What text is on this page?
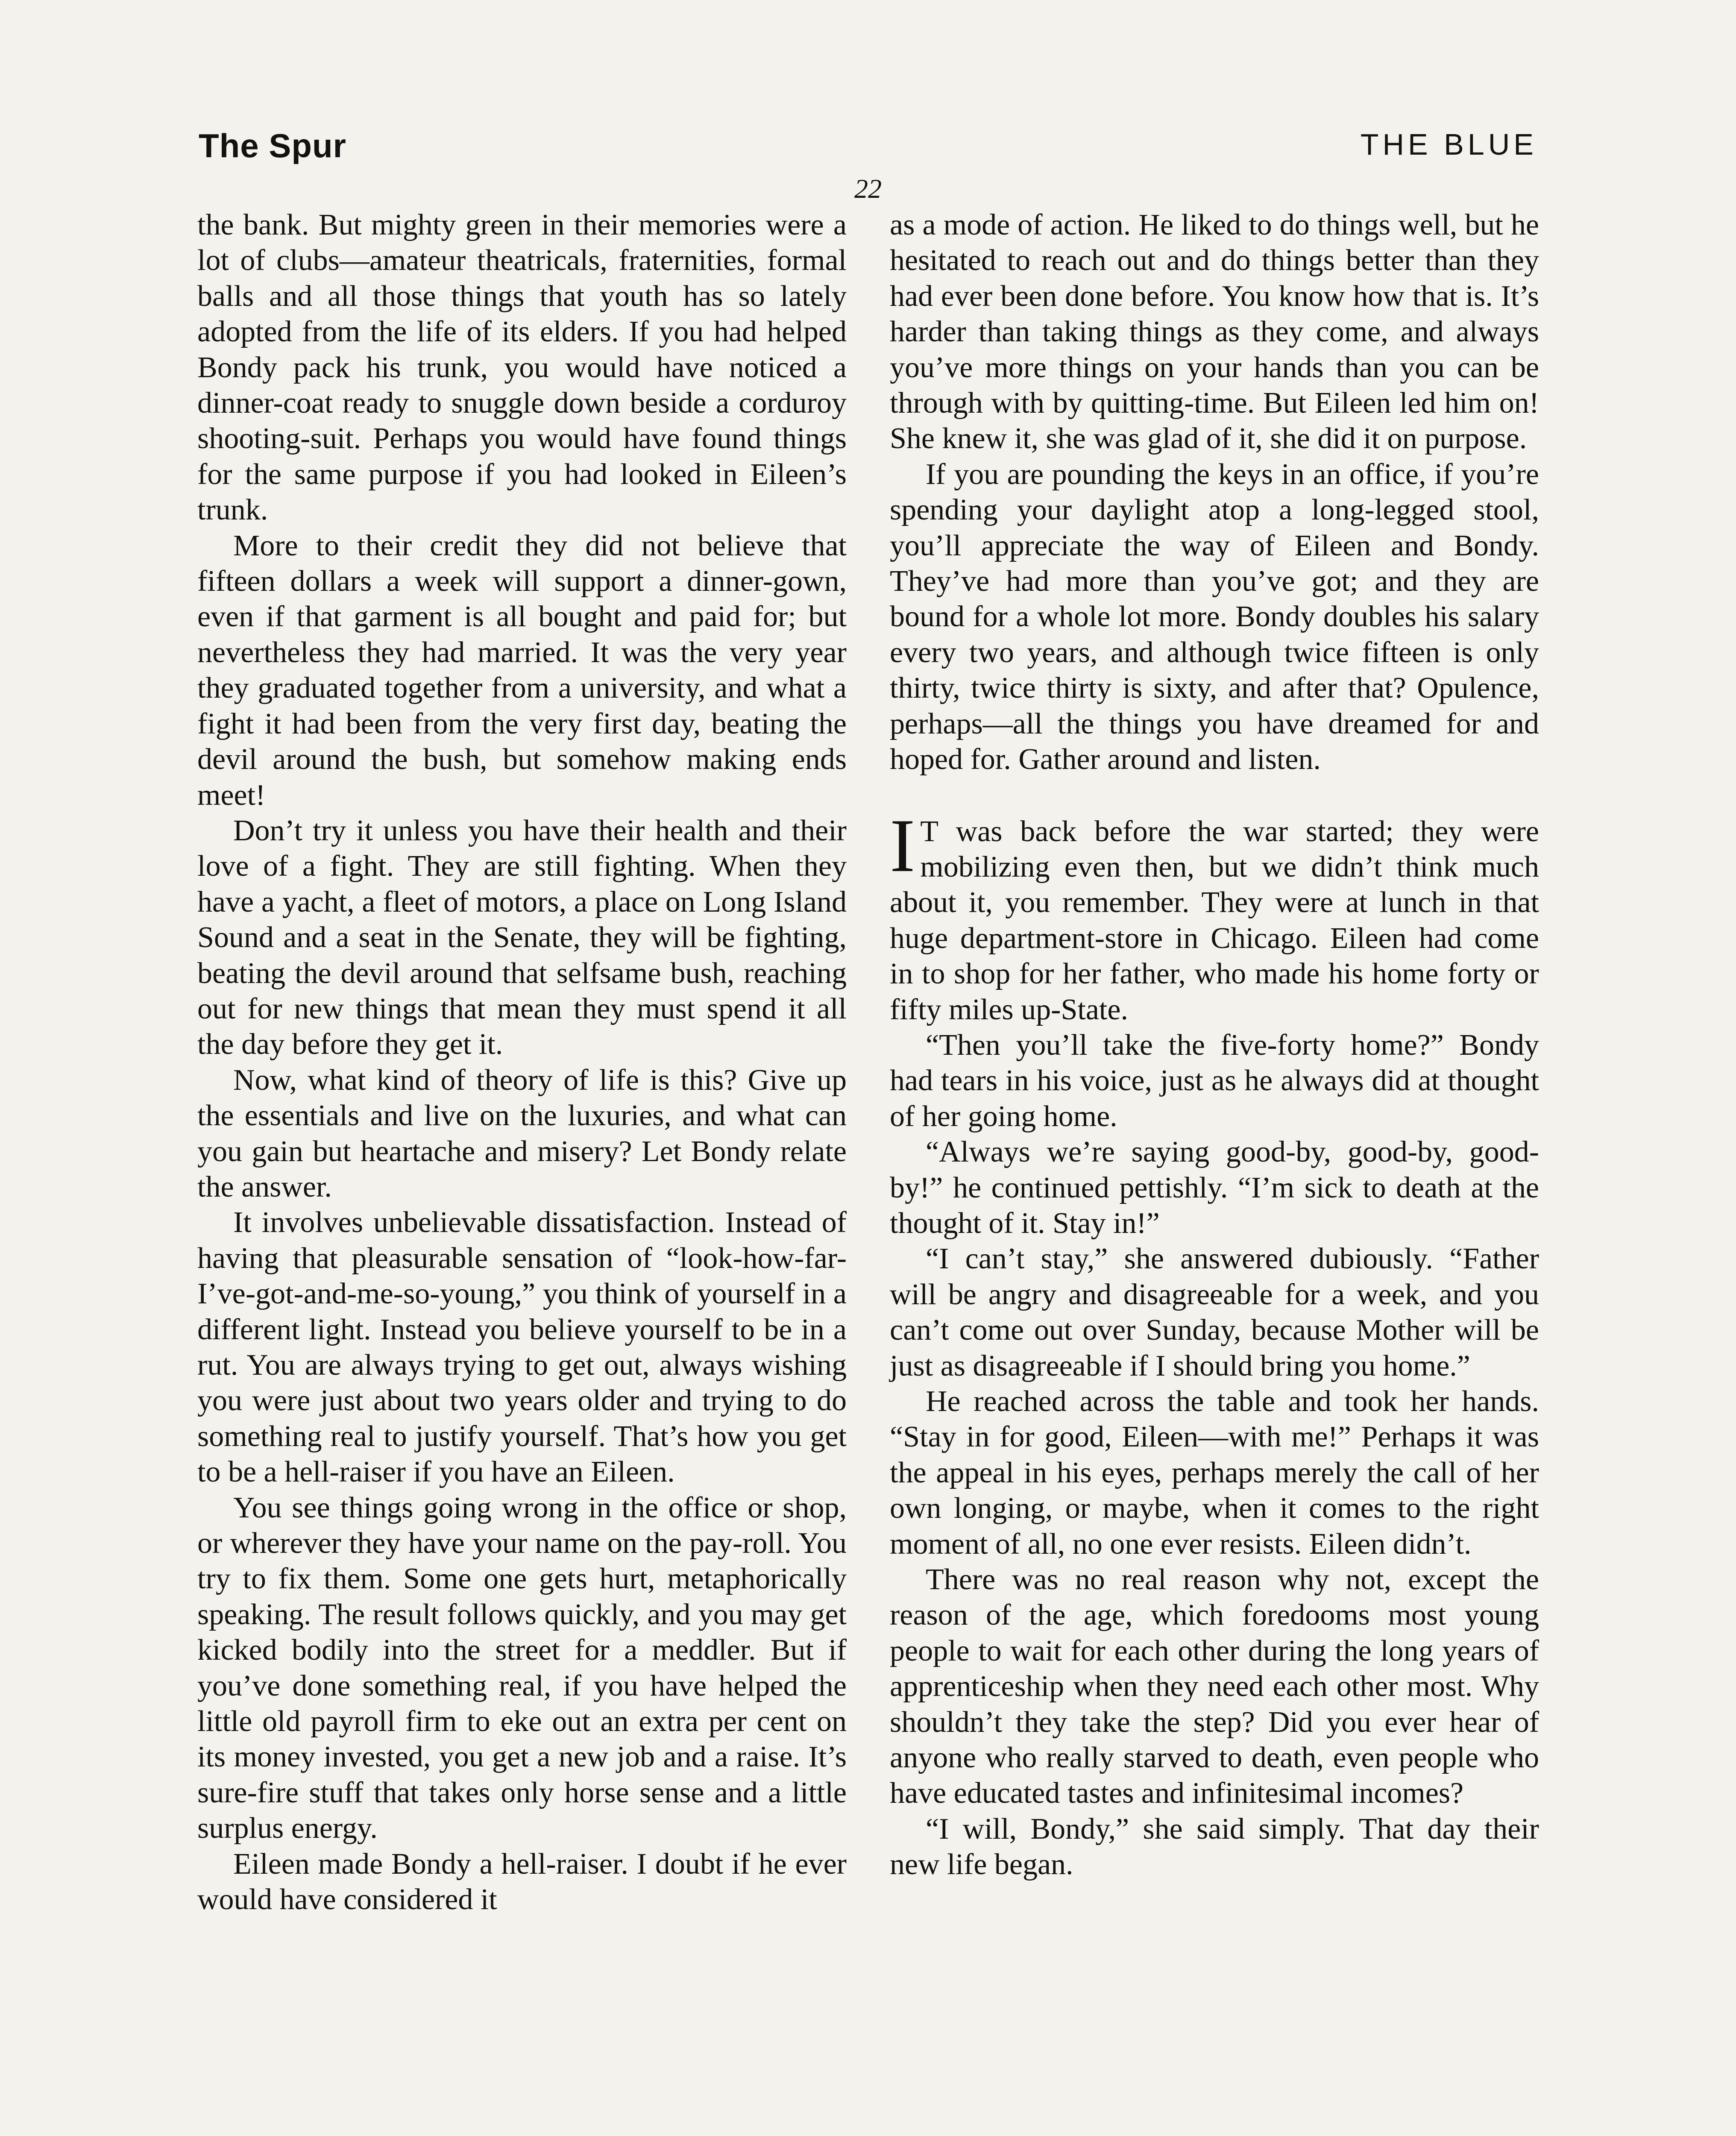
The Spur	THE BLUE
22

the bank. But mighty green in their memories were a lot of clubs—amateur theatricals, fraternities, formal balls and all those things that youth has so lately adopted from the life of its elders. If you had helped Bondy pack his trunk, you would have noticed a dinner-coat ready to snuggle down beside a corduroy shooting-suit. Perhaps you would have found things for the same purpose if you had looked in Eileen’s trunk.

More to their credit they did not believe that fifteen dollars a week will support a dinner-gown, even if that garment is all bought and paid for; but nevertheless they had married. It was the very year they graduated together from a university, and what a fight it had been from the very first day, beating the devil around the bush, but somehow making ends meet!

Don’t try it unless you have their health and their love of a fight. They are still fighting. When they have a yacht, a fleet of motors, a place on Long Island Sound and a seat in the Senate, they will be fighting, beating the devil around that selfsame bush, reaching out for new things that mean they must spend it all the day before they get it.

Now, what kind of theory of life is this? Give up the essentials and live on the luxuries, and what can you gain but heartache and misery? Let Bondy relate the answer.

It involves unbelievable dissatisfaction. Instead of having that pleasurable sensation of “look-how-far-I’ve-got-and-me-so-young,” you think of yourself in a different light. Instead you believe yourself to be in a rut. You are always trying to get out, always wishing you were just about two years older and trying to do something real to justify yourself. That’s how you get to be a hell-raiser if you have an Eileen.

You see things going wrong in the office or shop, or wherever they have your name on the pay-roll. You try to fix them. Some one gets hurt, metaphorically speaking. The result follows quickly, and you may get kicked bodily into the street for a meddler. But if you’ve done something real, if you have helped the little old payroll firm to eke out an extra per cent on its money invested, you get a new job and a raise. It’s sure-fire stuff that takes only horse sense and a little surplus energy.

Eileen made Bondy a hell-raiser. I doubt if he ever would have considered it

as a mode of action. He liked to do things well, but he hesitated to reach out and do things better than they had ever been done before. You know how that is. It’s harder than taking things as they come, and always you’ve more things on your hands than you can be through with by quitting-time. But Eileen led him on! She knew it, she was glad of it, she did it on purpose.

If you are pounding the keys in an office, if you’re spending your daylight atop a long-legged stool, you’ll appreciate the way of Eileen and Bondy. They’ve had more than you’ve got; and they are bound for a whole lot more. Bondy doubles his salary every two years, and although twice fifteen is only thirty, twice thirty is sixty, and after that? Opulence, perhaps—all the things you have dreamed for and hoped for. Gather around and listen.

I T was back before the war started; they were mobilizing even then, but we didn’t think much about it, you remember. They were at lunch in that huge department-store in Chicago. Eileen had come in to shop for her father, who made his home forty or fifty miles up-State.

“Then you’ll take the five-forty home?” Bondy had tears in his voice, just as he always did at thought of her going home.

“Always we’re saying good-by, good-by, good-by!” he continued pettishly. “I’m sick to death at the thought of it. Stay in!”

“I can’t stay,” she answered dubiously. “Father will be angry and disagreeable for a week, and you can’t come out over Sunday, because Mother will be just as disagreeable if I should bring you home.”

He reached across the table and took her hands. “Stay in for good, Eileen—with me!” Perhaps it was the appeal in his eyes, perhaps merely the call of her own longing, or maybe, when it comes to the right moment of all, no one ever resists. Eileen didn’t.

There was no real reason why not, except the reason of the age, which foredooms most young people to wait for each other during the long years of apprenticeship when they need each other most. Why shouldn’t they take the step? Did you ever hear of anyone who really starved to death, even people who have educated tastes and infinitesimal incomes?

“I will, Bondy,” she said simply. That day their new life began.
